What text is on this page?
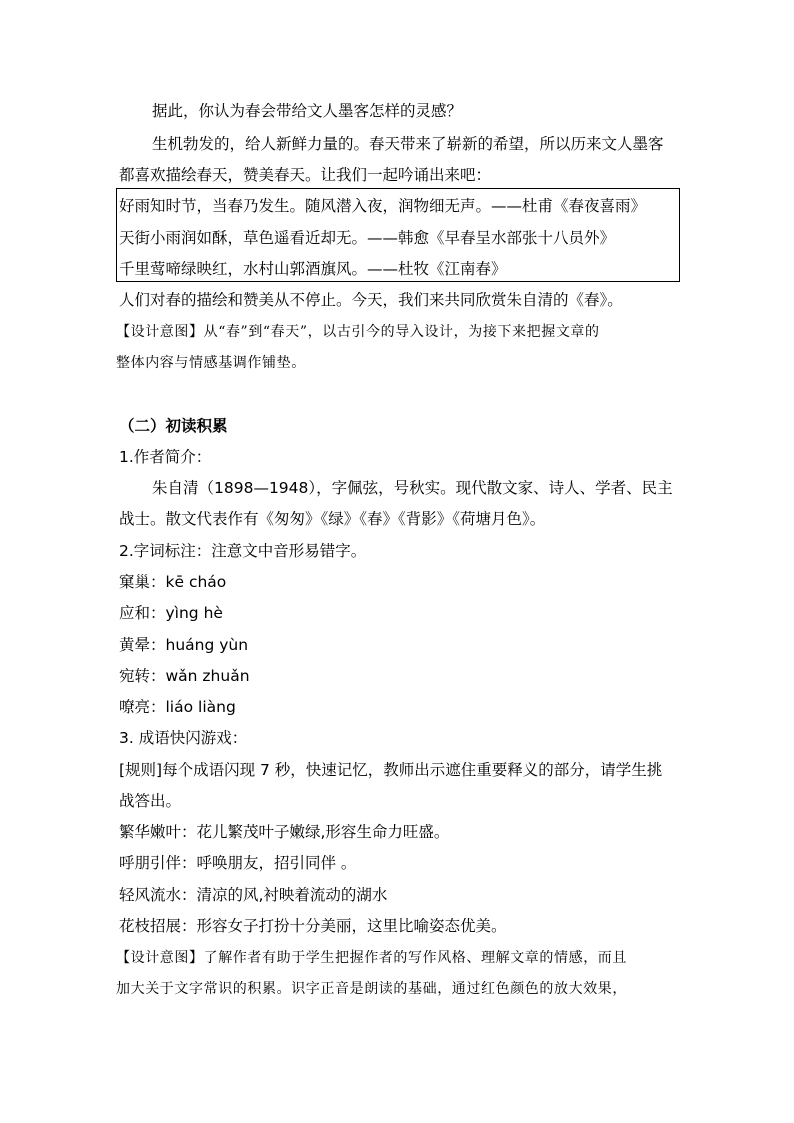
据此，你认为春会带给文人墨客怎样的灵感？
生机勃发的，给人新鲜力量的。春天带来了崭新的希望，所以历来文人墨客
都喜欢描绘春天，赞美春天。让我们一起吟诵出来吧：
好雨知时节，当春乃发生。随风潜入夜，润物细无声。——杜甫《春夜喜雨》
天街小雨润如酥，草色遥看近却无。——韩愈《早春呈水部张十八员外》
千里莺啼绿映红，水村山郭酒旗风。——杜牧《江南春》
人们对春的描绘和赞美从不停止。今天，我们来共同欣赏朱自清的《春》。
【设计意图】从“春”到“春天”，以古引今的导入设计，为接下来把握文章的
整体内容与情感基调作铺垫。
（二）初读积累
1.作者简介：
朱自清（1898—1948），字佩弦，号秋实。现代散文家、诗人、学者、民主
战士。散文代表作有《匆匆》《绿》《春》《背影》《荷塘月色》。
2.字词标注：注意文中音形易错字。
窠巢：kē cháo
应和：yìng hè
黄晕：huáng yùn
宛转：wǎn zhuǎn
嘹亮：liáo liàng
3. 成语快闪游戏：
[规则]每个成语闪现 7 秒，快速记忆，教师出示遮住重要释义的部分，请学生挑
战答出。
繁华嫩叶：花儿繁茂叶子嫩绿,形容生命力旺盛。
呼朋引伴：呼唤朋友，招引同伴 。
轻风流水：清凉的风,衬映着流动的湖水
花枝招展：形容女子打扮十分美丽，这里比喻姿态优美。
【设计意图】了解作者有助于学生把握作者的写作风格、理解文章的情感，而且
加大关于文字常识的积累。识字正音是朗读的基础，通过红色颜色的放大效果，
